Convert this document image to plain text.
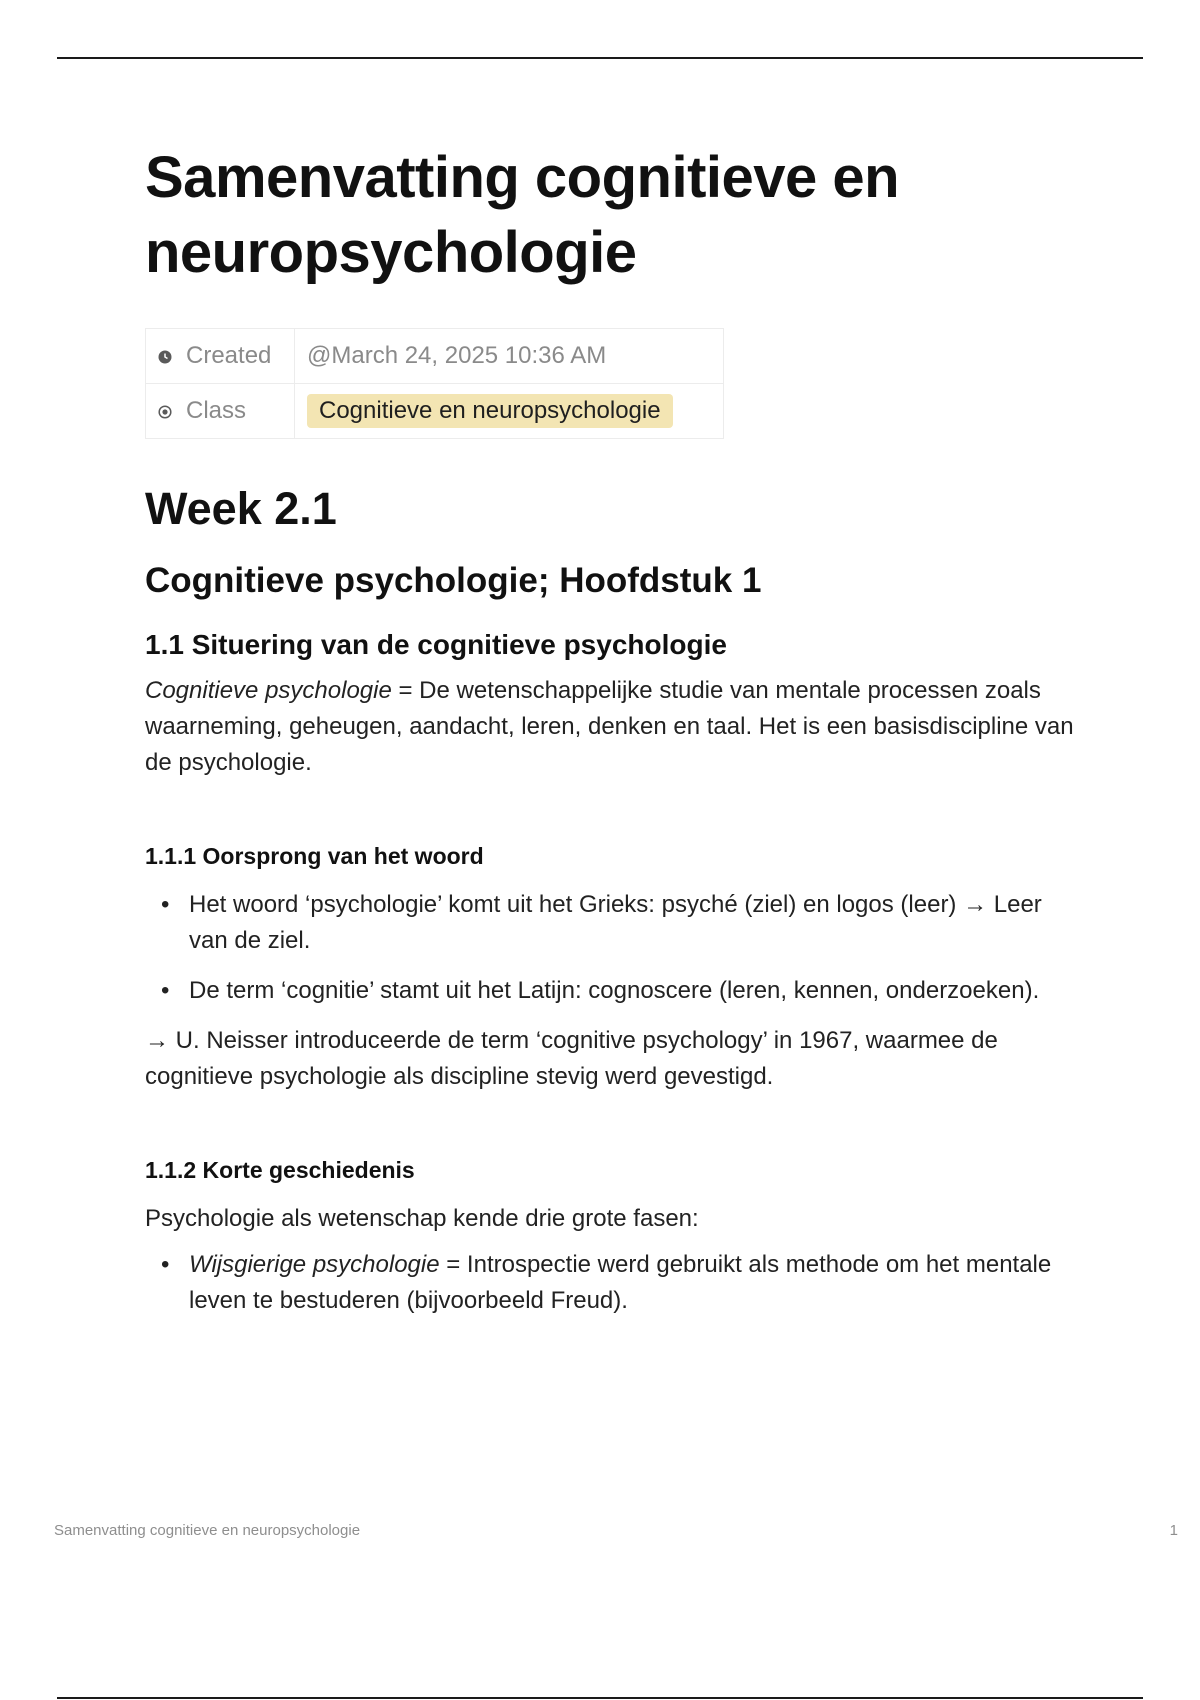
Samenvatting cognitieve en neuropsychologie
Created	@March 24, 2025 10:36 AM
Class	Cognitieve en neuropsychologie
Week 2.1
Cognitieve psychologie; Hoofdstuk 1
1.1 Situering van de cognitieve psychologie

Cognitieve psychologie = De wetenschappelijke studie van mentale processen zoals waarneming, geheugen, aandacht, leren, denken en taal. Het is een basisdiscipline van de psychologie.

1.1.1 Oorsprong van het woord
• Het woord ‘psychologie’ komt uit het Grieks: psyché (ziel) en logos (leer) → Leer van de ziel.
• De term ‘cognitie’ stamt uit het Latijn: cognoscere (leren, kennen, onderzoeken).

→ U. Neisser introduceerde de term ‘cognitive psychology’ in 1967, waarmee de cognitieve psychologie als discipline stevig werd gevestigd.

1.1.2 Korte geschiedenis

Psychologie als wetenschap kende drie grote fasen:

• Wijsgierige psychologie = Introspectie werd gebruikt als methode om het mentale leven te bestuderen (bijvoorbeeld Freud).
Samenvatting cognitieve en neuropsychologie	1
